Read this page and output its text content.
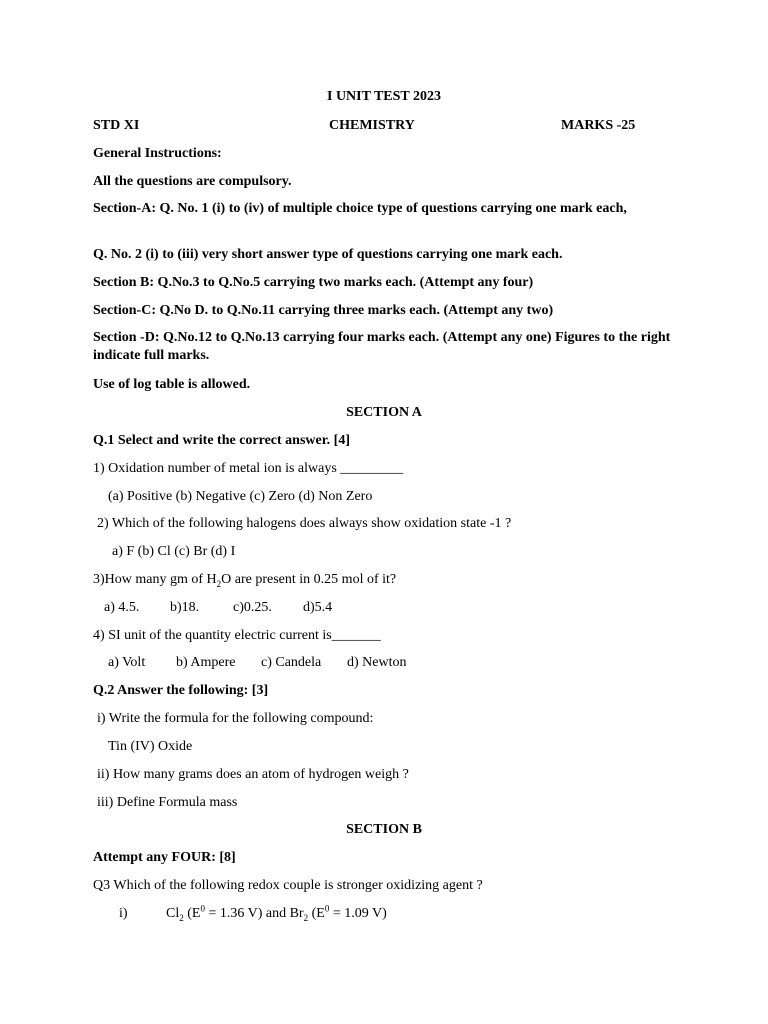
I UNIT TEST 2023
STD XI	CHEMISTRY	MARKS -25
General Instructions:
All the questions are compulsory.
Section-A: Q. No. 1 (i) to (iv) of multiple choice type of questions carrying one mark each,
Q. No. 2 (i) to (iii) very short answer type of questions carrying one mark each.
Section B: Q.No.3 to Q.No.5 carrying two marks each. (Attempt any four)
Section-C: Q.No D. to Q.No.11 carrying three marks each. (Attempt any two)
Section -D: Q.No.12 to Q.No.13 carrying four marks each. (Attempt any one) Figures to the right indicate full marks.
Use of log table is allowed.
SECTION A
Q.1 Select and write the correct answer. [4]
1) Oxidation number of metal ion is always _________
(a) Positive (b) Negative (c) Zero (d) Non Zero
2) Which of the following halogens does always show oxidation state -1 ?
a) F (b) Cl (c) Br (d) I
3)How many gm of $H_2O$ are present in 0.25 mol of it?
a) 4.5. b)18. c)0.25. d)5.4
4) SI unit of the quantity electric current is_______
a) Volt b) Ampere c) Candela d) Newton
Q.2 Answer the following: [3]
i) Write the formula for the following compound:
Tin (IV) Oxide
ii) How many grams does an atom of hydrogen weigh ?
iii) Define Formula mass
SECTION B
Attempt any FOUR: [8]
Q3 Which of the following redox couple is stronger oxidizing agent ?
i)	$Cl_2$ ($E^0 = 1.36$ V) and $Br_2$ ($E^0 = 1.09$ V)
